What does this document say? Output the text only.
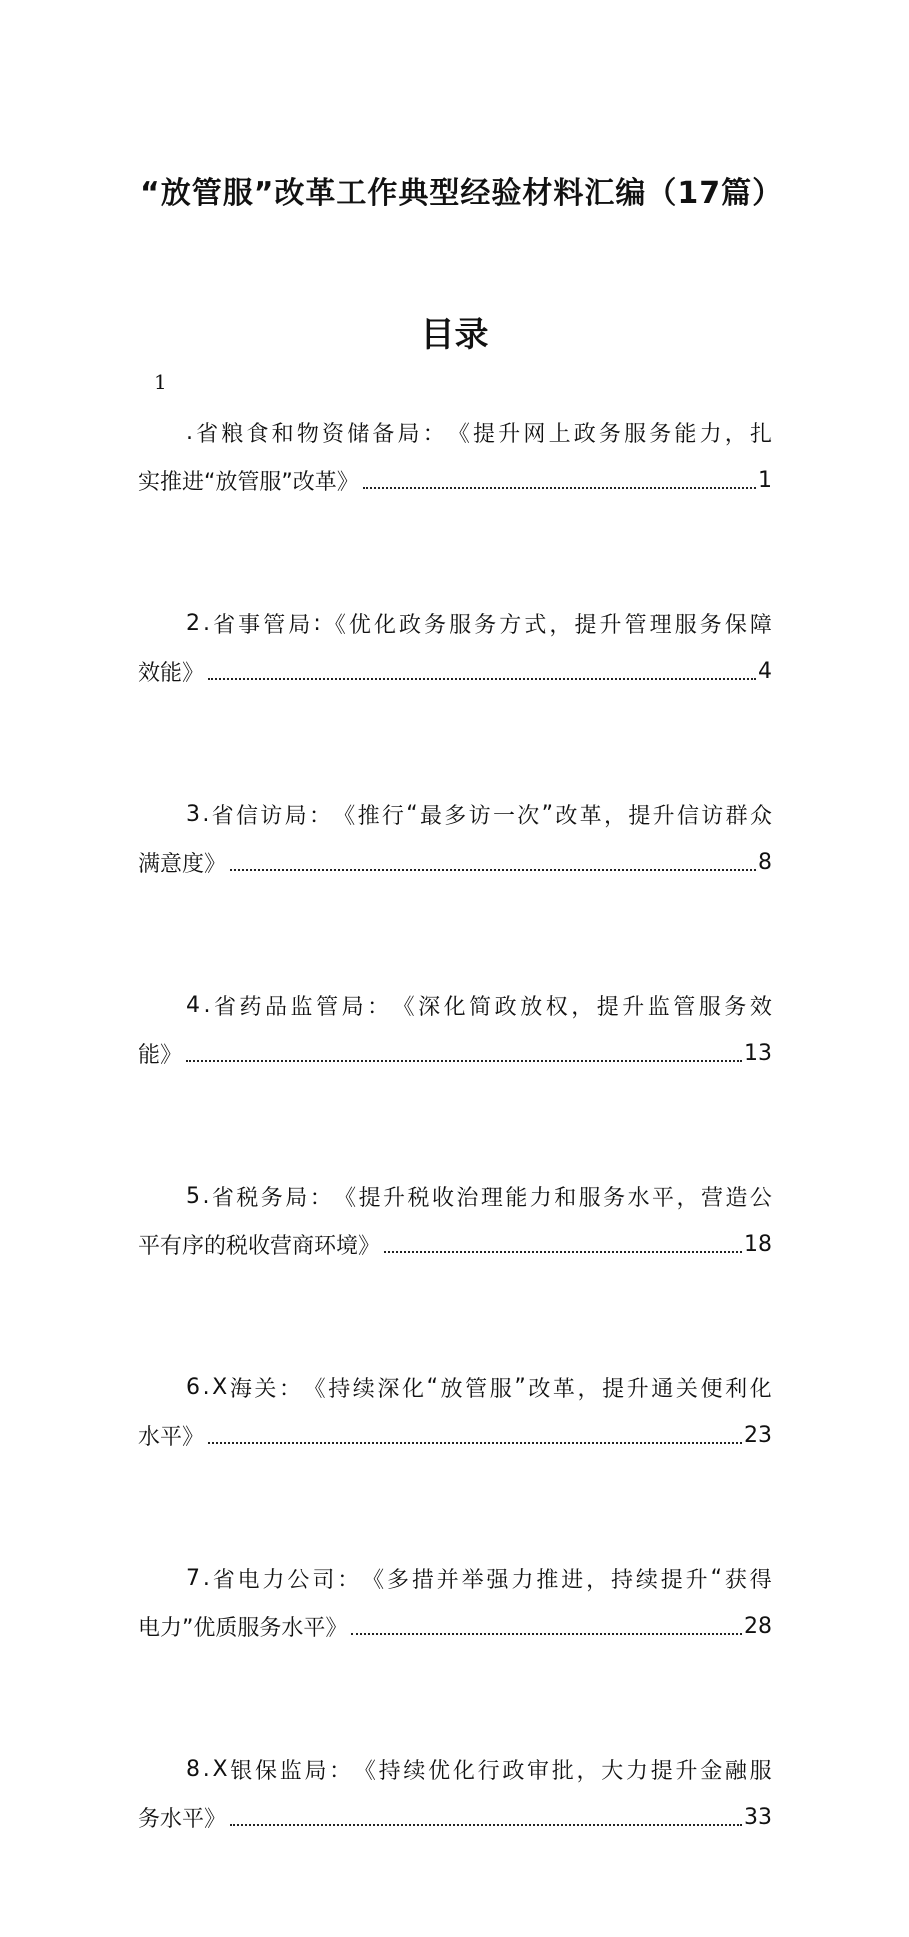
“放管服”改革工作典型经验材料汇编（17篇）
目录
1
. 省 粮 食 和 物 资 储 备 局 ： 《 提 升 网 上 政 务 服 务 能 力 ， 扎
实推进“放管服”改革》	1
2 . 省 事 管 局 : 《 优 化 政 务 服 务 方 式 ， 提 升 管 理 服 务 保 障
效能》	4
3 . 省 信 访 局 ： 《 推 行 “ 最 多 访 一 次 ” 改 革 ， 提 升 信 访 群 众
满意度》	8
4 . 省 药 品 监 管 局 ： 《 深 化 简 政 放 权 ， 提 升 监 管 服 务 效
能》	13
5 . 省 税 务 局 ： 《 提 升 税 收 治 理 能 力 和 服 务 水 平 ， 营 造 公
平有序的税收营商环境》	18
6 . X 海 关 ： 《 持 续 深 化 “ 放 管 服 ” 改 革 ， 提 升 通 关 便 利 化
水平》	23
7 . 省 电 力 公 司 ： 《 多 措 并 举 强 力 推 进 ， 持 续 提 升 “ 获 得
电力”优质服务水平》	28
8 . X 银 保 监 局 ： 《 持 续 优 化 行 政 审 批 ， 大 力 提 升 金 融 服
务水平》	33
